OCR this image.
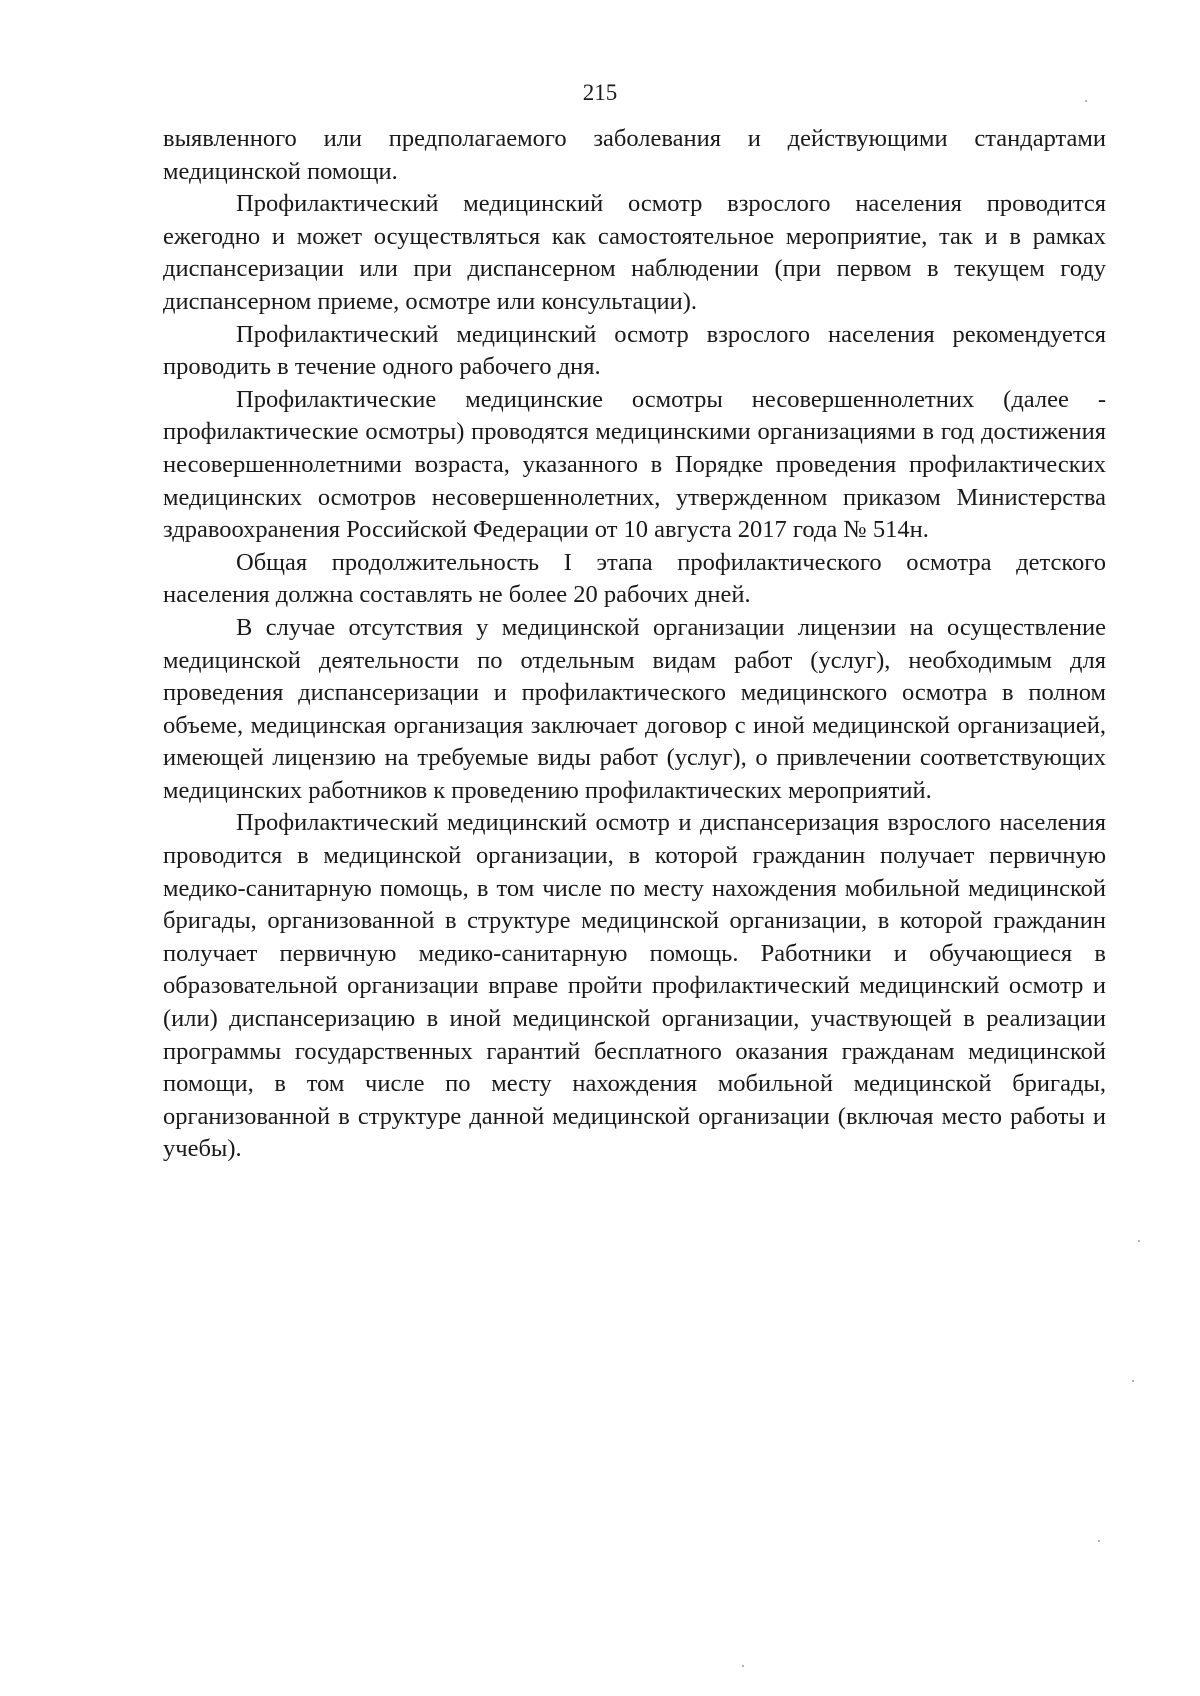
215

выявленного или предполагаемого заболевания и действующими стандартами медицинской помощи.

Профилактический медицинский осмотр взрослого населения проводится ежегодно и может осуществляться как самостоятельное мероприятие, так и в рамках диспансеризации или при диспансерном наблюдении (при первом в текущем году диспансерном приеме, осмотре или консультации).

Профилактический медицинский осмотр взрослого населения рекомендуется проводить в течение одного рабочего дня.

Профилактические медицинские осмотры несовершеннолетних (далее - профилактические осмотры) проводятся медицинскими организациями в год достижения несовершеннолетними возраста, указанного в Порядке проведения профилактических медицинских осмотров несовершеннолетних, утвержденном приказом Министерства здравоохранения Российской Федерации от 10 августа 2017 года № 514н.

Общая продолжительность I этапа профилактического осмотра детского населения должна составлять не более 20 рабочих дней.

В случае отсутствия у медицинской организации лицензии на осуществление медицинской деятельности по отдельным видам работ (услуг), необходимым для проведения диспансеризации и профилактического медицинского осмотра в полном объеме, медицинская организация заключает договор с иной медицинской организацией, имеющей лицензию на требуемые виды работ (услуг), о привлечении соответствующих медицинских работников к проведению профилактических мероприятий.

Профилактический медицинский осмотр и диспансеризация взрослого населения проводится в медицинской организации, в которой гражданин получает первичную медико-санитарную помощь, в том числе по месту нахождения мобильной медицинской бригады, организованной в структуре медицинской организации, в которой гражданин получает первичную медико-санитарную помощь. Работники и обучающиеся в образовательной организации вправе пройти профилактический медицинский осмотр и (или) диспансеризацию в иной медицинской организации, участвующей в реализации программы государственных гарантий бесплатного оказания гражданам медицинской помощи, в том числе по месту нахождения мобильной медицинской бригады, организованной в структуре данной медицинской организации (включая место работы и учебы).
